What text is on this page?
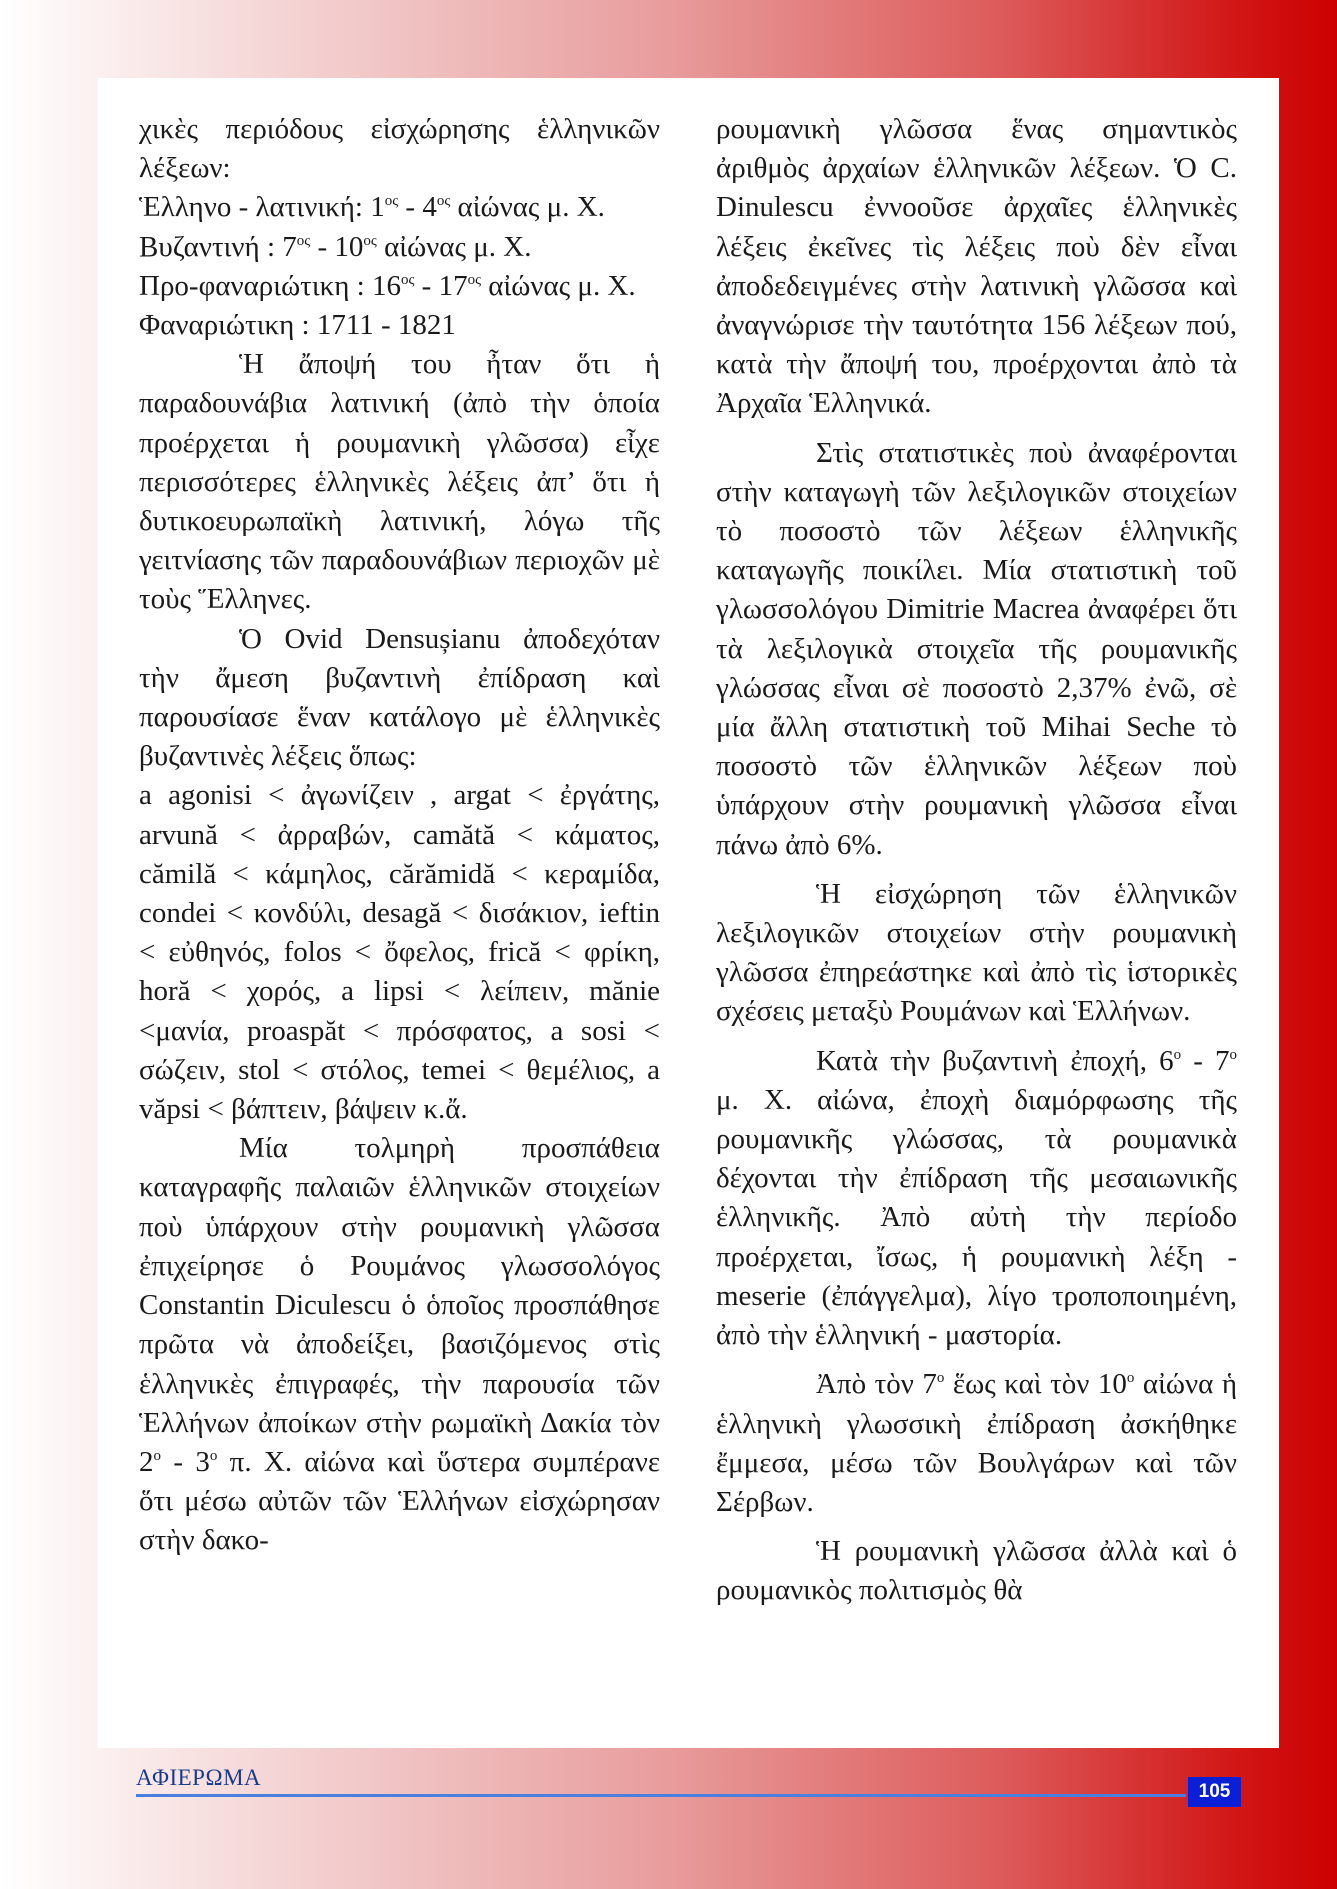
χικὲς περιόδους εἰσχώρησης ἑλληνικῶν λέξεων:

Ἑλληνο - λατινική: $1^{o\varsigma} - 4^{o\varsigma}$ αἰώνας μ. Χ.

Βυζαντινή : $7^{o\varsigma} - 10^{o\varsigma}$ αἰώνας μ. Χ.

Προ-φαναριώτικη : $16^{o\varsigma} - 17^{o\varsigma}$ αἰώνας μ. Χ.

Φαναριώτικη : 1711 - 1821

Ἡ ἄποψή του ἦταν ὅτι ἡ παραδουνάβια λατινική (ἀπὸ τὴν ὁποία προέρχεται ἡ ρουμανικὴ γλῶσσα) εἶχε περισσότερες ἑλληνικὲς λέξεις ἀπ’ ὅτι ἡ δυτικοευρωπαϊκὴ λατινική, λόγω τῆς γειτνίασης τῶν παραδουνάβιων περιοχῶν μὲ τοὺς Ἕλληνες.

Ὁ Ovid Densușianu ἀποδεχόταν τὴν ἄμεση βυζαντινὴ ἐπίδραση καὶ παρουσίασε ἕναν κατάλογο μὲ ἑλληνικὲς βυζαντινὲς λέξεις ὅπως:

a agonisi < ἀγωνίζειν , argat < ἐργάτης, arvună < ἀρραβών, camătă < κάματος, cămilă < κάμηλος, cărămidă < κεραμίδα, condei < κονδύλι, desagă < δισάκιον, ieftin < εὐθηνός, folos < ὄφελος, frică < φρίκη, horă < χορός, a lipsi < λείπειν, mănie <μανία, proaspăt < πρόσφατος, a sosi < σώζειν, stol < στόλος, temei < θεμέλιος, a văpsi < βάπτειν, βάψειν κ.ἄ.

Μία τολμηρὴ προσπάθεια καταγραφῆς παλαιῶν ἑλληνικῶν στοιχείων ποὺ ὑπάρχουν στὴν ρουμανικὴ γλῶσσα ἐπιχείρησε ὁ Ρουμάνος γλωσσολόγος Constantin Diculescu ὁ ὁποῖος προσπάθησε πρῶτα νὰ ἀποδείξει, βασιζόμενος στὶς ἑλληνικὲς ἐπιγραφές, τὴν παρουσία τῶν Ἑλλήνων ἀποίκων στὴν ρωμαϊκὴ Δακία τὸν $2^o - 3^o$ π. Χ. αἰώνα καὶ ὕστερα συμπέρανε ὅτι μέσω αὐτῶν τῶν Ἑλλήνων εἰσχώρησαν στὴν δακο-

ρουμανικὴ γλῶσσα ἕνας σημαντικὸς ἀριθμὸς ἀρχαίων ἑλληνικῶν λέξεων. Ὁ C. Dinulescu ἐννοοῦσε ἀρχαῖες ἑλληνικὲς λέξεις ἐκεῖνες τὶς λέξεις ποὺ δὲν εἶναι ἀποδεδειγμένες στὴν λατινικὴ γλῶσσα καὶ ἀναγνώρισε τὴν ταυτότητα 156 λέξεων πού, κατὰ τὴν ἄποψή του, προέρχονται ἀπὸ τὰ Ἀρχαῖα Ἑλληνικά.

Στὶς στατιστικὲς ποὺ ἀναφέρονται στὴν καταγωγὴ τῶν λεξιλογικῶν στοιχείων τὸ ποσοστὸ τῶν λέξεων ἑλληνικῆς καταγωγῆς ποικίλει. Μία στατιστικὴ τοῦ γλωσσολόγου Dimitrie Macrea ἀναφέρει ὅτι τὰ λεξιλογικὰ στοιχεῖα τῆς ρουμανικῆς γλώσσας εἶναι σὲ ποσοστὸ 2,37% ἐνῶ, σὲ μία ἄλλη στατιστικὴ τοῦ Mihai Seche τὸ ποσοστὸ τῶν ἑλληνικῶν λέξεων ποὺ ὑπάρχουν στὴν ρουμανικὴ γλῶσσα εἶναι πάνω ἀπὸ 6%.

Ἡ εἰσχώρηση τῶν ἑλληνικῶν λεξιλογικῶν στοιχείων στὴν ρουμανικὴ γλῶσσα ἐπηρεάστηκε καὶ ἀπὸ τὶς ἱστορικὲς σχέσεις μεταξὺ Ρουμάνων καὶ Ἑλλήνων.

Κατὰ τὴν βυζαντινὴ ἐποχή, $6^o - 7^o$ μ. Χ. αἰώνα, ἐποχὴ διαμόρφωσης τῆς ρουμανικῆς γλώσσας, τὰ ρουμανικὰ δέχονται τὴν ἐπίδραση τῆς μεσαιωνικῆς ἑλληνικῆς. Ἀπὸ αὐτὴ τὴν περίοδο προέρχεται, ἴσως, ἡ ρουμανικὴ λέξη -meserie (ἐπάγγελμα), λίγο τροποποιημένη, ἀπὸ τὴν ἑλληνική - μαστορία.

Ἀπὸ τὸν $7^o$ ἕως καὶ τὸν $10^o$ αἰώνα ἡ ἑλληνικὴ γλωσσικὴ ἐπίδραση ἀσκήθηκε ἔμμεσα, μέσω τῶν Βουλγάρων καὶ τῶν Σέρβων.

Ἡ ρουμανικὴ γλῶσσα ἀλλὰ καὶ ὁ ρουμανικὸς πολιτισμὸς θὰ

ΑΦΙΕΡΩΜΑ
105
